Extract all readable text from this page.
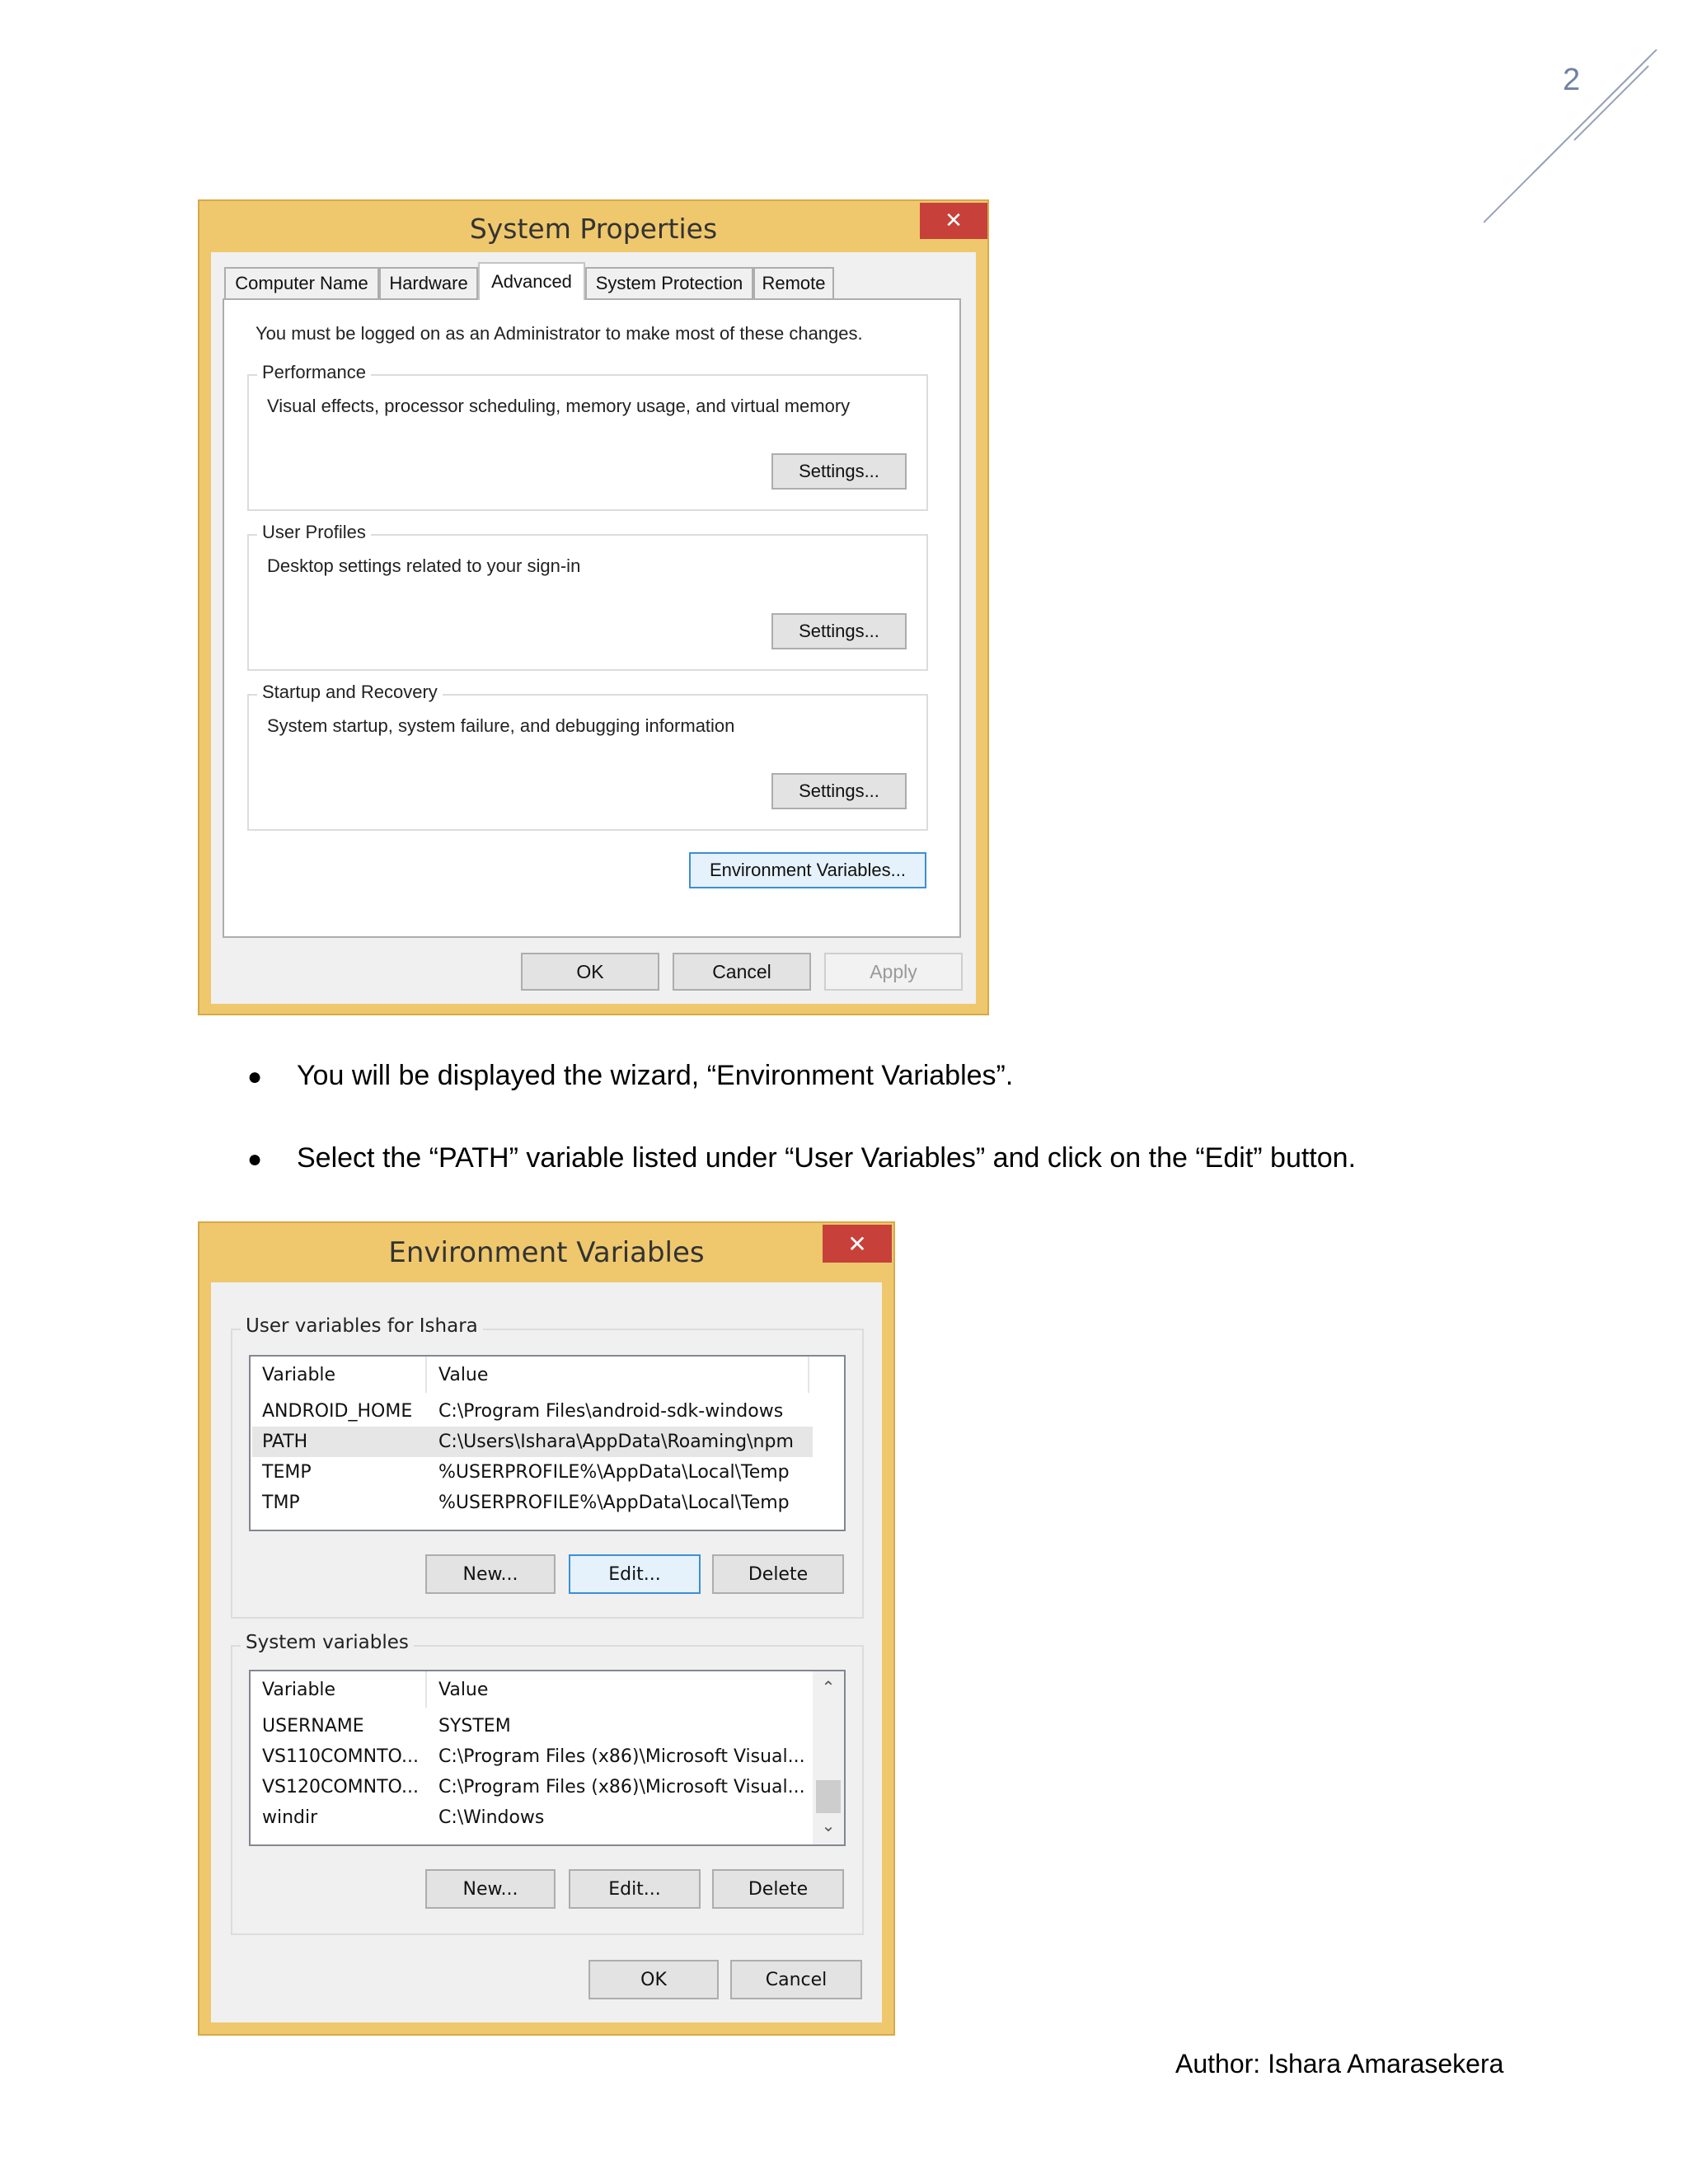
2
System Properties	✕
Computer Name	Hardware	Advanced	System Protection	Remote
You must be logged on as an Administrator to make most of these changes.
Performance
Visual effects, processor scheduling, memory usage, and virtual memory
Settings...
User Profiles
Desktop settings related to your sign-in
Settings...
Startup and Recovery
System startup, system failure, and debugging information
Settings...
Environment Variables...
OK	Cancel	Apply
● You will be displayed the wizard, “Environment Variables”.
● Select the “PATH” variable listed under “User Variables” and click on the “Edit” button.
Environment Variables	✕
User variables for Ishara
Variable	Value
ANDROID_HOME C:\Program Files\android-sdk-windows
PATH	C:\Users\Ishara\AppData\Roaming\npm
TEMP	%USERPROFILE%\AppData\Local\Temp
TMP	%USERPROFILE%\AppData\Local\Temp
New...	Edit...	Delete
System variables
Variable	Value
USERNAME	SYSTEM
VS110COMNTO... C:\Program Files (x86)\Microsoft Visual...
VS120COMNTO... C:\Program Files (x86)\Microsoft Visual...
windir	C:\Windows
⌃
⌄
New...	Edit...	Delete
OK	Cancel
Author: Ishara Amarasekera
